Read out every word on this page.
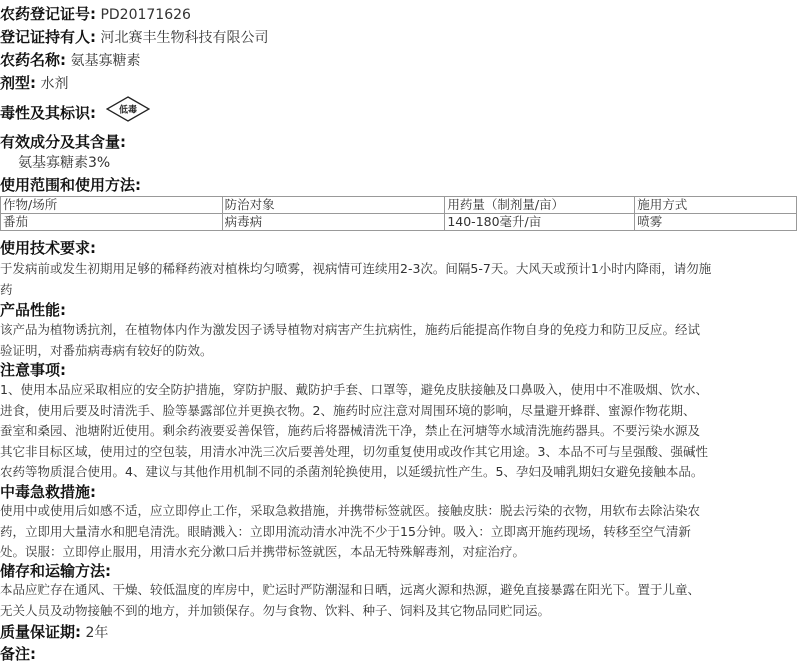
农药登记证号: PD20171626
登记证持有人: 河北赛丰生物科技有限公司
农药名称: 氨基寡糖素
剂型: 水剂
毒性及其标识:	低毒
有效成分及其含量:
氨基寡糖素3%
使用范围和使用方法:
作物/场所	防治对象	用药量（制剂量/亩）	施用方式
番茄	病毒病	140-180毫升/亩	喷雾
使用技术要求:
于发病前或发生初期用足够的稀释药液对植株均匀喷雾，视病情可连续用2-3次。间隔5-7天。大风天或预计1小时内降雨，请勿施
药
产品性能:
该产品为植物诱抗剂，在植物体内作为激发因子诱导植物对病害产生抗病性，施药后能提高作物自身的免疫力和防卫反应。经试
验证明，对番茄病毒病有较好的防效。
注意事项:
1、使用本品应采取相应的安全防护措施，穿防护服、戴防护手套、口罩等，避免皮肤接触及口鼻吸入，使用中不准吸烟、饮水、
进食，使用后要及时清洗手、脸等暴露部位并更换衣物。2、施药时应注意对周围环境的影响，尽量避开蜂群、蜜源作物花期、
蚕室和桑园、池塘附近使用。剩余药液要妥善保管，施药后将器械清洗干净，禁止在河塘等水域清洗施药器具。不要污染水源及
其它非目标区域，使用过的空包装，用清水冲洗三次后要善处理，切勿重复使用或改作其它用途。3、本品不可与呈强酸、强碱性
农药等物质混合使用。4、建议与其他作用机制不同的杀菌剂轮换使用，以延缓抗性产生。5、孕妇及哺乳期妇女避免接触本品。
中毒急救措施:
使用中或使用后如感不适，应立即停止工作，采取急救措施，并携带标签就医。接触皮肤：脱去污染的衣物，用软布去除沾染农
药，立即用大量清水和肥皂清洗。眼睛溅入：立即用流动清水冲洗不少于15分钟。吸入：立即离开施药现场，转移至空气清新
处。误服：立即停止服用，用清水充分漱口后并携带标签就医，本品无特殊解毒剂，对症治疗。
储存和运输方法:
本品应贮存在通风、干燥、较低温度的库房中，贮运时严防潮湿和日晒，远离火源和热源，避免直接暴露在阳光下。置于儿童、
无关人员及动物接触不到的地方，并加锁保存。勿与食物、饮料、种子、饲料及其它物品同贮同运。
质量保证期: 2年
备注:
